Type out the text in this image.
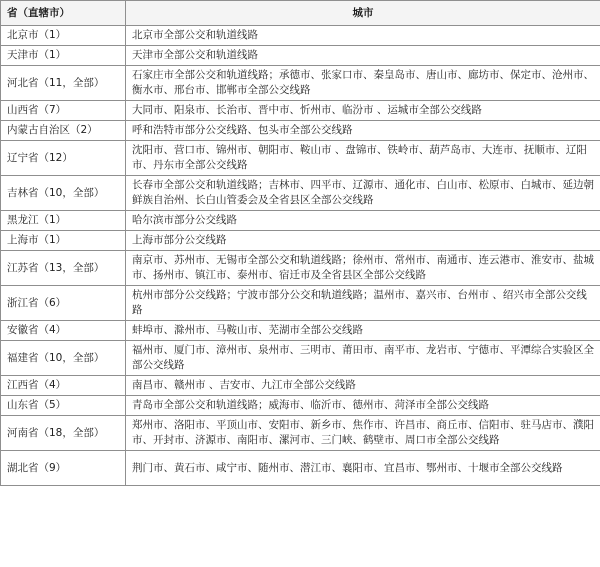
省（直辖市）	城市
北京市（1）	北京市全部公交和轨道线路
天津市（1）	天津市全部公交和轨道线路
河北省（11，全部）	石家庄市全部公交和轨道线路；承德市、张家口市、秦皇岛市、唐山市、廊坊市、保定市、沧州市、衡水市、邢台市、邯郸市全部公交线路
山西省（7）	大同市、阳泉市、长治市、晋中市、忻州市、临汾市 、运城市全部公交线路
内蒙古自治区（2）	呼和浩特市部分公交线路、包头市全部公交线路
辽宁省（12）	沈阳市、营口市、锦州市、朝阳市、鞍山市 、盘锦市、铁岭市、葫芦岛市、大连市、抚顺市、辽阳市、丹东市全部公交线路
吉林省（10，全部）	长春市全部公交和轨道线路；吉林市、四平市、辽源市、通化市、白山市、松原市、白城市、延边朝鲜族自治州、长白山管委会及全省县区全部公交线路
黑龙江（1）	哈尔滨市部分公交线路
上海市（1）	上海市部分公交线路
江苏省（13，全部）	南京市、苏州市、无锡市全部公交和轨道线路；徐州市、常州市、南通市、连云港市、淮安市、盐城市、扬州市、镇江市、泰州市、宿迁市及全省县区全部公交线路
浙江省（6）	杭州市部分公交线路；宁波市部分公交和轨道线路；温州市、嘉兴市、台州市 、绍兴市全部公交线路
安徽省（4）	蚌埠市、滁州市、马鞍山市、芜湖市全部公交线路
福建省（10，全部）	福州市、厦门市、漳州市、泉州市、三明市、莆田市、南平市、龙岩市、宁德市、平潭综合实验区全部公交线路
江西省（4）	南昌市、赣州市 、吉安市、九江市全部公交线路
山东省（5）	青岛市全部公交和轨道线路；威海市、临沂市、德州市、菏泽市全部公交线路
河南省（18，全部）	郑州市、洛阳市、平顶山市、安阳市、新乡市、焦作市、许昌市、商丘市、信阳市、驻马店市、濮阳市、开封市、济源市、南阳市、漯河市、三门峡、鹤壁市、周口市全部公交线路
湖北省（9）	荆门市、黄石市、咸宁市、随州市、潜江市、襄阳市、宜昌市、鄂州市、十堰市全部公交线路
